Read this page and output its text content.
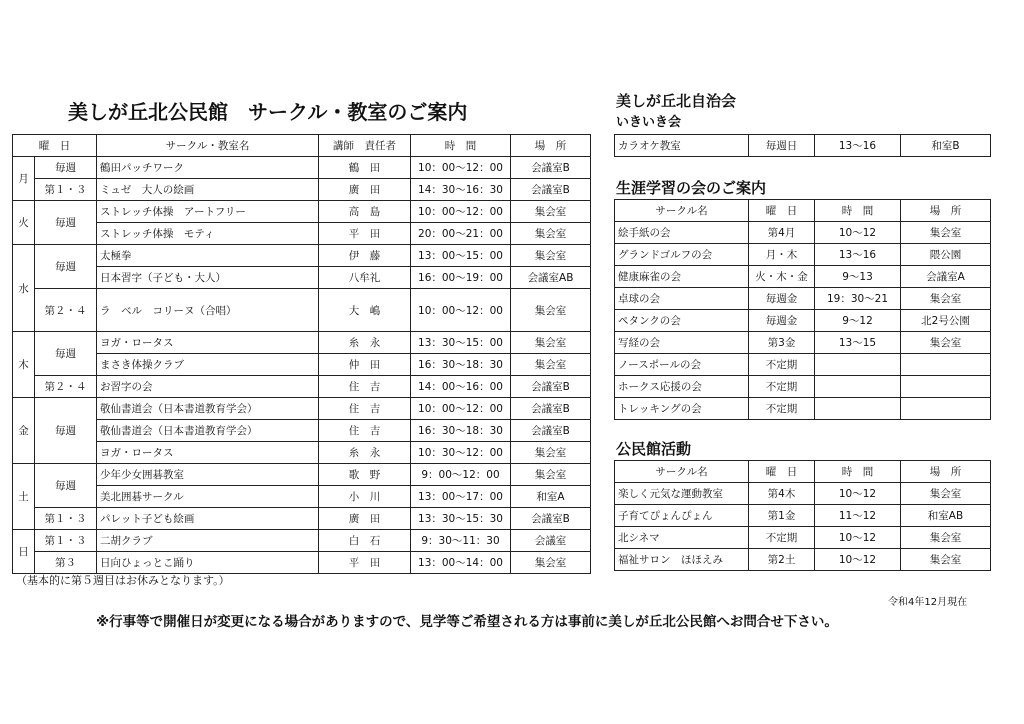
美しが丘北公民館　サークル・教室のご案内
曜　日		サークル・教室名	講師　責任者	時　間	場　所
月	毎週	鶴田パッチワーク	鶴　田	10：00〜12：00	会議室B
	第１・３	ミュゼ　大人の絵画	廣　田	14：30〜16：30	会議室B
火	毎週	ストレッチ体操　アートフリー	高　島	10：00〜12：00	集会室
		ストレッチ体操　モティ	平　田	20：00〜21：00	集会室
水	毎週	太極拳	伊　藤	13：00〜15：00	集会室
		日本習字（子ども・大人）	八牟礼	16：00〜19：00	会議室AB
	第２・４	ラ　ベル　コリーヌ（合唱）	大　嶋	10：00〜12：00	集会室
木	毎週	ヨガ・ロータス	糸　永	13：30〜15：00	集会室
		まさき体操クラブ	仲　田	16：30〜18：30	集会室
	第２・４	お習字の会	住　吉	14：00〜16：00	会議室B
金	毎週	敬仙書道会（日本書道教育学会）	住　吉	10：00〜12：00	会議室B
		敬仙書道会（日本書道教育学会）	住　吉	16：30〜18：30	会議室B
		ヨガ・ロータス	糸　永	10：30〜12：00	集会室
土	毎週	少年少女囲碁教室	歌　野	9：00〜12：00	集会室
		美北囲碁サークル	小　川	13：00〜17：00	和室A
	第１・３	パレット子ども絵画	廣　田	13：30〜15：30	会議室B
日	第１・３	二胡クラブ	白　石	9：30〜11：30	会議室
	第３	日向ひょっとこ踊り	平　田	13：00〜14：00	集会室
（基本的に第５週目はお休みとなります。）
美しが丘北自治会
いきいき会
カラオケ教室	毎週日	13〜16	和室B
生涯学習の会のご案内
サークル名	曜　日	時　間	場　所
絵手紙の会	第4月	10〜12	集会室
グランドゴルフの会	月・木	13〜16	隈公園
健康麻雀の会	火・木・金	9〜13	会議室A
卓球の会	毎週金	19：30〜21	集会室
ペタンクの会	毎週金	9〜12	北2号公園
写経の会	第3金	13〜15	集会室
ノースポールの会	不定期		
ホークス応援の会	不定期		
トレッキングの会	不定期		
公民館活動
サークル名	曜　日	時　間	場　所
楽しく元気な運動教室	第4木	10〜12	集会室
子育てぴょんぴょん	第1金	11〜12	和室AB
北シネマ	不定期	10〜12	集会室
福祉サロン　ほほえみ	第2土	10〜12	集会室
令和4年12月現在
※行事等で開催日が変更になる場合がありますので、見学等ご希望される方は事前に美しが丘北公民館へお問合せ下さい。
